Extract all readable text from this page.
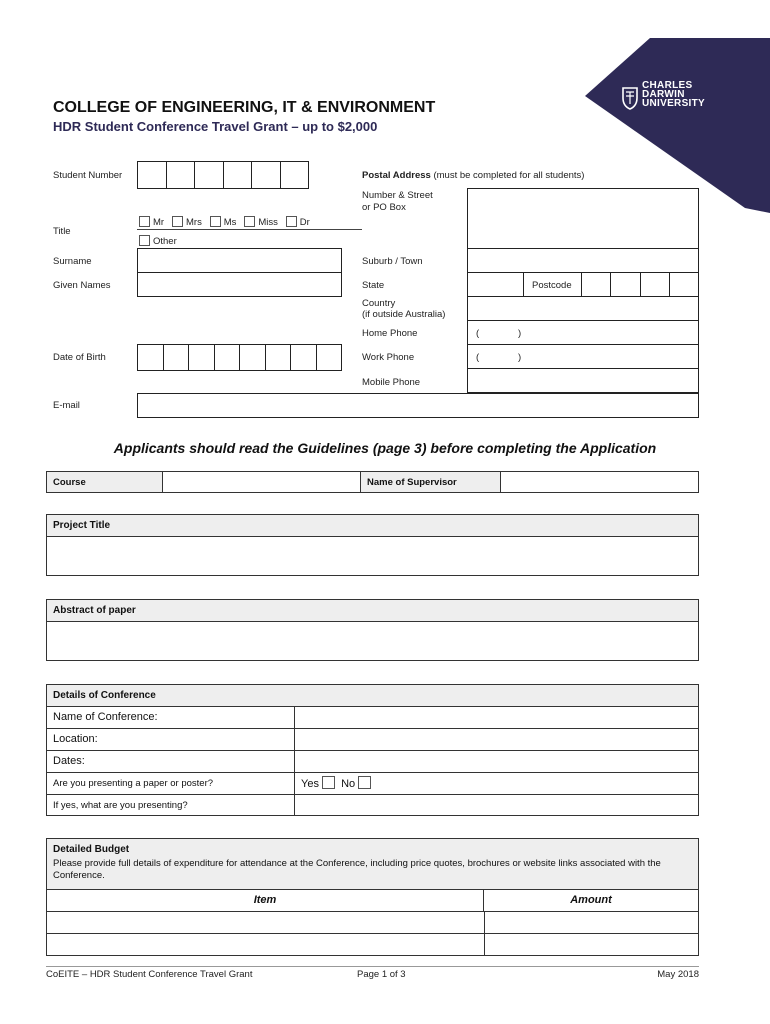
CHARLES
DARWIN
UNIVERSITY
COLLEGE OF ENGINEERING, IT & ENVIRONMENT
HDR Student Conference Travel Grant – up to $2,000
Student Number
Title
Mr Mrs Ms Miss Dr
Other
Surname
Given Names
Date of Birth
Postal Address (must be completed for all students)
Number & Street
or PO Box
Suburb / Town
State	Postcode
Country
(if outside Australia)
Home Phone	(	)
Work Phone	(	)
Mobile Phone
E-mail
Applicants should read the Guidelines (page 3) before completing the Application
Course	Name of Supervisor
Project Title
Abstract of paper
Details of Conference
Name of Conference:
Location:
Dates:
Are you presenting a paper or poster?	Yes No
If yes, what are you presenting?
Detailed Budget
Please provide full details of expenditure for attendance at the Conference, including price quotes, brochures or website links associated with the Conference.
Item	Amount
CoEITE – HDR Student Conference Travel Grant	Page 1 of 3	May 2018
